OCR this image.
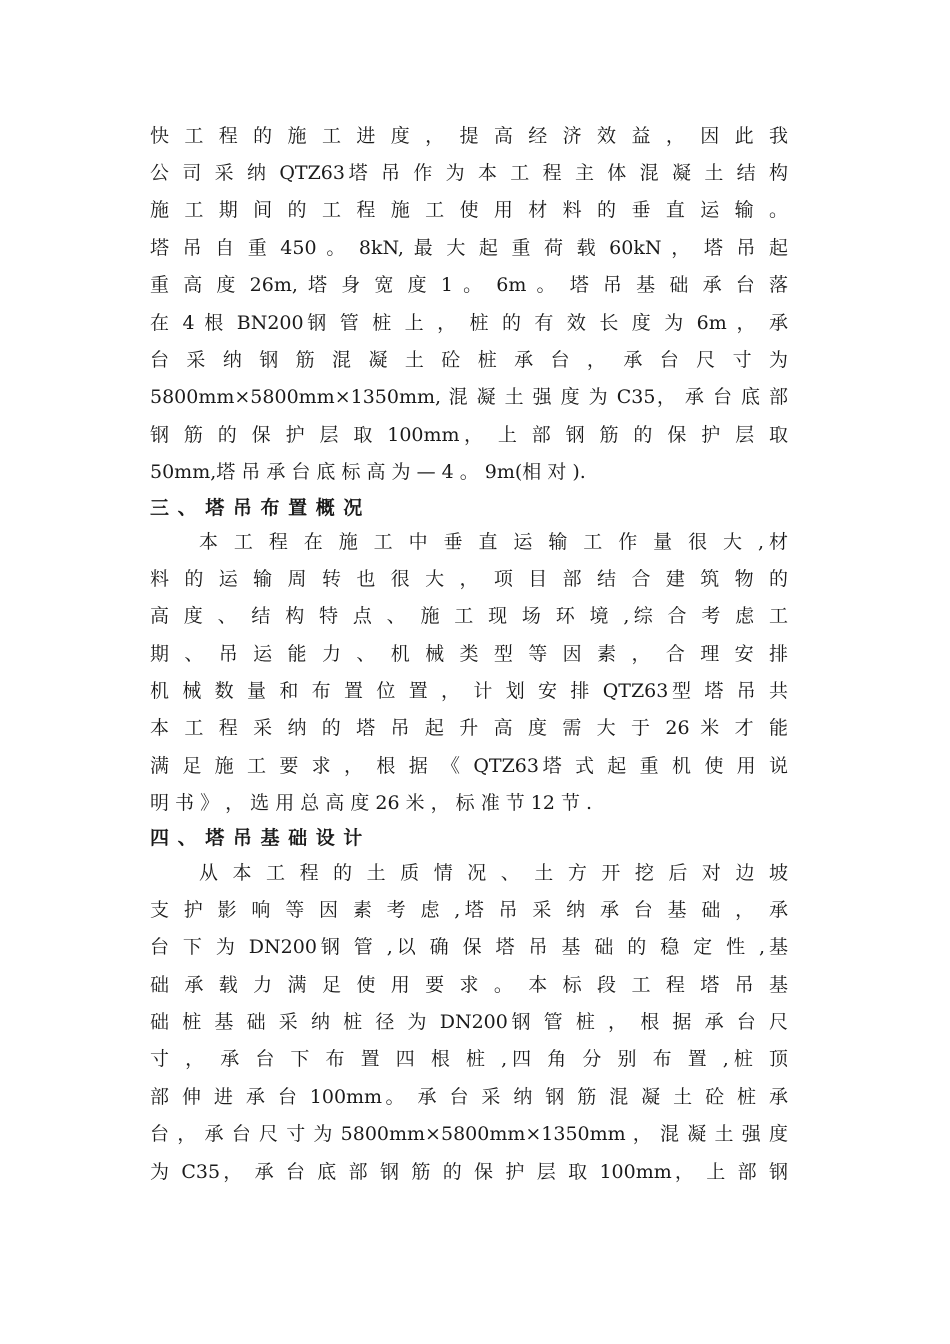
快 工 程 的 施 工 进 度 ， 提 高 经 济 效 益 ， 因 此 我
公 司 采 纳 QTZ63塔 吊 作 为 本 工 程 主 体 混 凝 土 结 构
施 工 期 间 的 工 程 施 工 使 用 材 料 的 垂 直 运 输 。
塔 吊 自 重 450 。 8kN, 最 大 起 重 荷 载 60kN ， 塔 吊 起
重 高 度 26m, 塔 身 宽 度 1 。 6m 。 塔 吊 基 础 承 台 落
在 4 根 BN200钢 管 桩 上 ， 桩 的 有 效 长 度 为 6m ， 承
台 采 纳 钢 筋 混 凝 土 砼 桩 承 台 ， 承 台 尺 寸 为
5800mm×5800mm×1350mm, 混 凝 土 强 度 为 C35， 承 台 底 部
钢 筋 的 保 护 层 取 100mm， 上 部 钢 筋 的 保 护 层 取
50mm,塔 吊 承 台 底 标 高 为 — 4 。 9m(相 对 ).
三 、 塔 吊 布 置 概 况
本 工 程 在 施 工 中 垂 直 运 输 工 作 量 很 大 ,材
料 的 运 输 周 转 也 很 大 ， 项 目 部 结 合 建 筑 物 的
高 度 、 结 构 特 点 、 施 工 现 场 环 境 ,综 合 考 虑 工
期 、 吊 运 能 力 、 机 械 类 型 等 因 素 ， 合 理 安 排
机 械 数 量 和 布 置 位 置 ， 计 划 安 排 QTZ63型 塔 吊 共
本 工 程 采 纳 的 塔 吊 起 升 高 度 需 大 于 26 米 才 能
满 足 施 工 要 求 ， 根 据 《 QTZ63塔 式 起 重 机 使 用 说
明 书 》 ， 选 用 总 高 度 26 米 ， 标 准 节 12 节 .
四 、 塔 吊 基 础 设 计
从 本 工 程 的 土 质 情 况 、 土 方 开 挖 后 对 边 坡
支 护 影 响 等 因 素 考 虑 ,塔 吊 采 纳 承 台 基 础 ， 承
台 下 为 DN200钢 管 ,以 确 保 塔 吊 基 础 的 稳 定 性 ,基
础 承 载 力 满 足 使 用 要 求 。 本 标 段 工 程 塔 吊 基
础 桩 基 础 采 纳 桩 径 为 DN200钢 管 桩 ， 根 据 承 台 尺
寸 ， 承 台 下 布 置 四 根 桩 ,四 角 分 别 布 置 ,桩 顶
部 伸 进 承 台 100mm。 承 台 采 纳 钢 筋 混 凝 土 砼 桩 承
台 ， 承 台 尺 寸 为 5800mm×5800mm×1350mm ， 混 凝 土 强 度
为 C35， 承 台 底 部 钢 筋 的 保 护 层 取 100mm， 上 部 钢
